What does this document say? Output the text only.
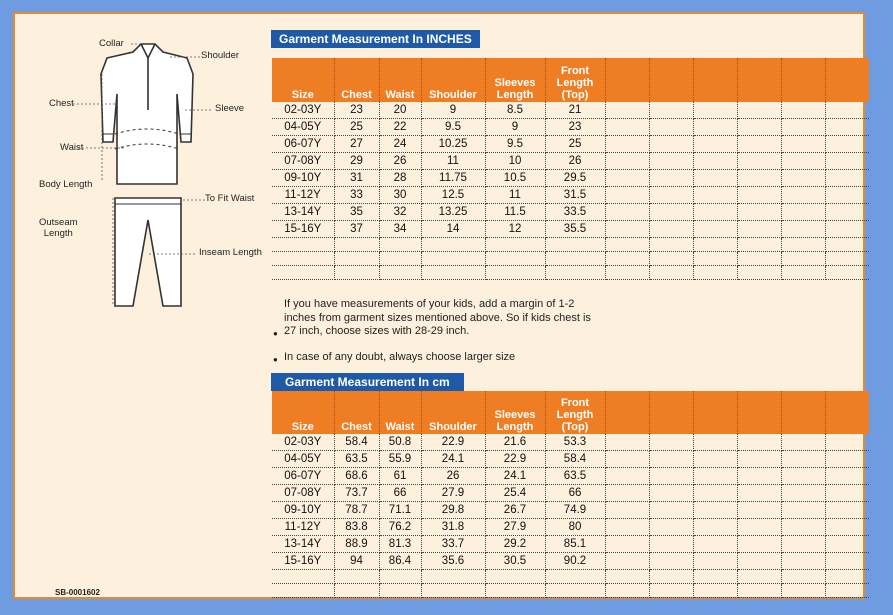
Collar
Shoulder
Chest	Sleeve
Waist
Body Length
To Fit Waist
Outseam
Length
Inseam Length
Garment Measurement In INCHES
Size	Chest	Waist	Shoulder	Sleeves Length	Front Length (Top)						
02-03Y	23	20	9	8.5	21						
04-05Y	25	22	9.5	9	23						
06-07Y	27	24	10.25	9.5	25						
07-08Y	29	26	11	10	26						
09-10Y	31	28	11.75	10.5	29.5						
11-12Y	33	30	12.5	11	31.5						
13-14Y	35	32	13.25	11.5	33.5						
15-16Y	37	34	14	12	35.5						

●
If you have measurements of your kids, add a margin of 1-2 inches from garment sizes mentioned above. So if kids chest is 27 inch, choose sizes with 28-29 inch.
● In case of any doubt, always choose larger size
Garment Measurement In cm
Size	Chest	Waist	Shoulder	Sleeves Length	Front Length (Top)						
02-03Y	58.4	50.8	22.9	21.6	53.3						
04-05Y	63.5	55.9	24.1	22.9	58.4						
06-07Y	68.6	61	26	24.1	63.5						
07-08Y	73.7	66	27.9	25.4	66						
09-10Y	78.7	71.1	29.8	26.7	74.9						
11-12Y	83.8	76.2	31.8	27.9	80						
13-14Y	88.9	81.3	33.7	29.2	85.1						
15-16Y	94	86.4	35.6	30.5	90.2						

SB-0001602
